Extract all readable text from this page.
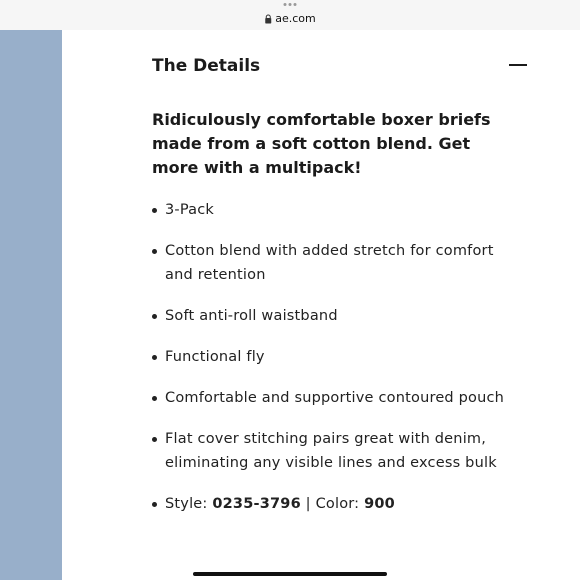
ae.com
The Details

Ridiculously comfortable boxer briefs made from a soft cotton blend. Get more with a multipack!

3-Pack
Cotton blend with added stretch for comfort and retention
Soft anti-roll waistband
Functional fly
Comfortable and supportive contoured pouch
Flat cover stitching pairs great with denim, eliminating any visible lines and excess bulk
Style: 0235-3796 | Color: 900
